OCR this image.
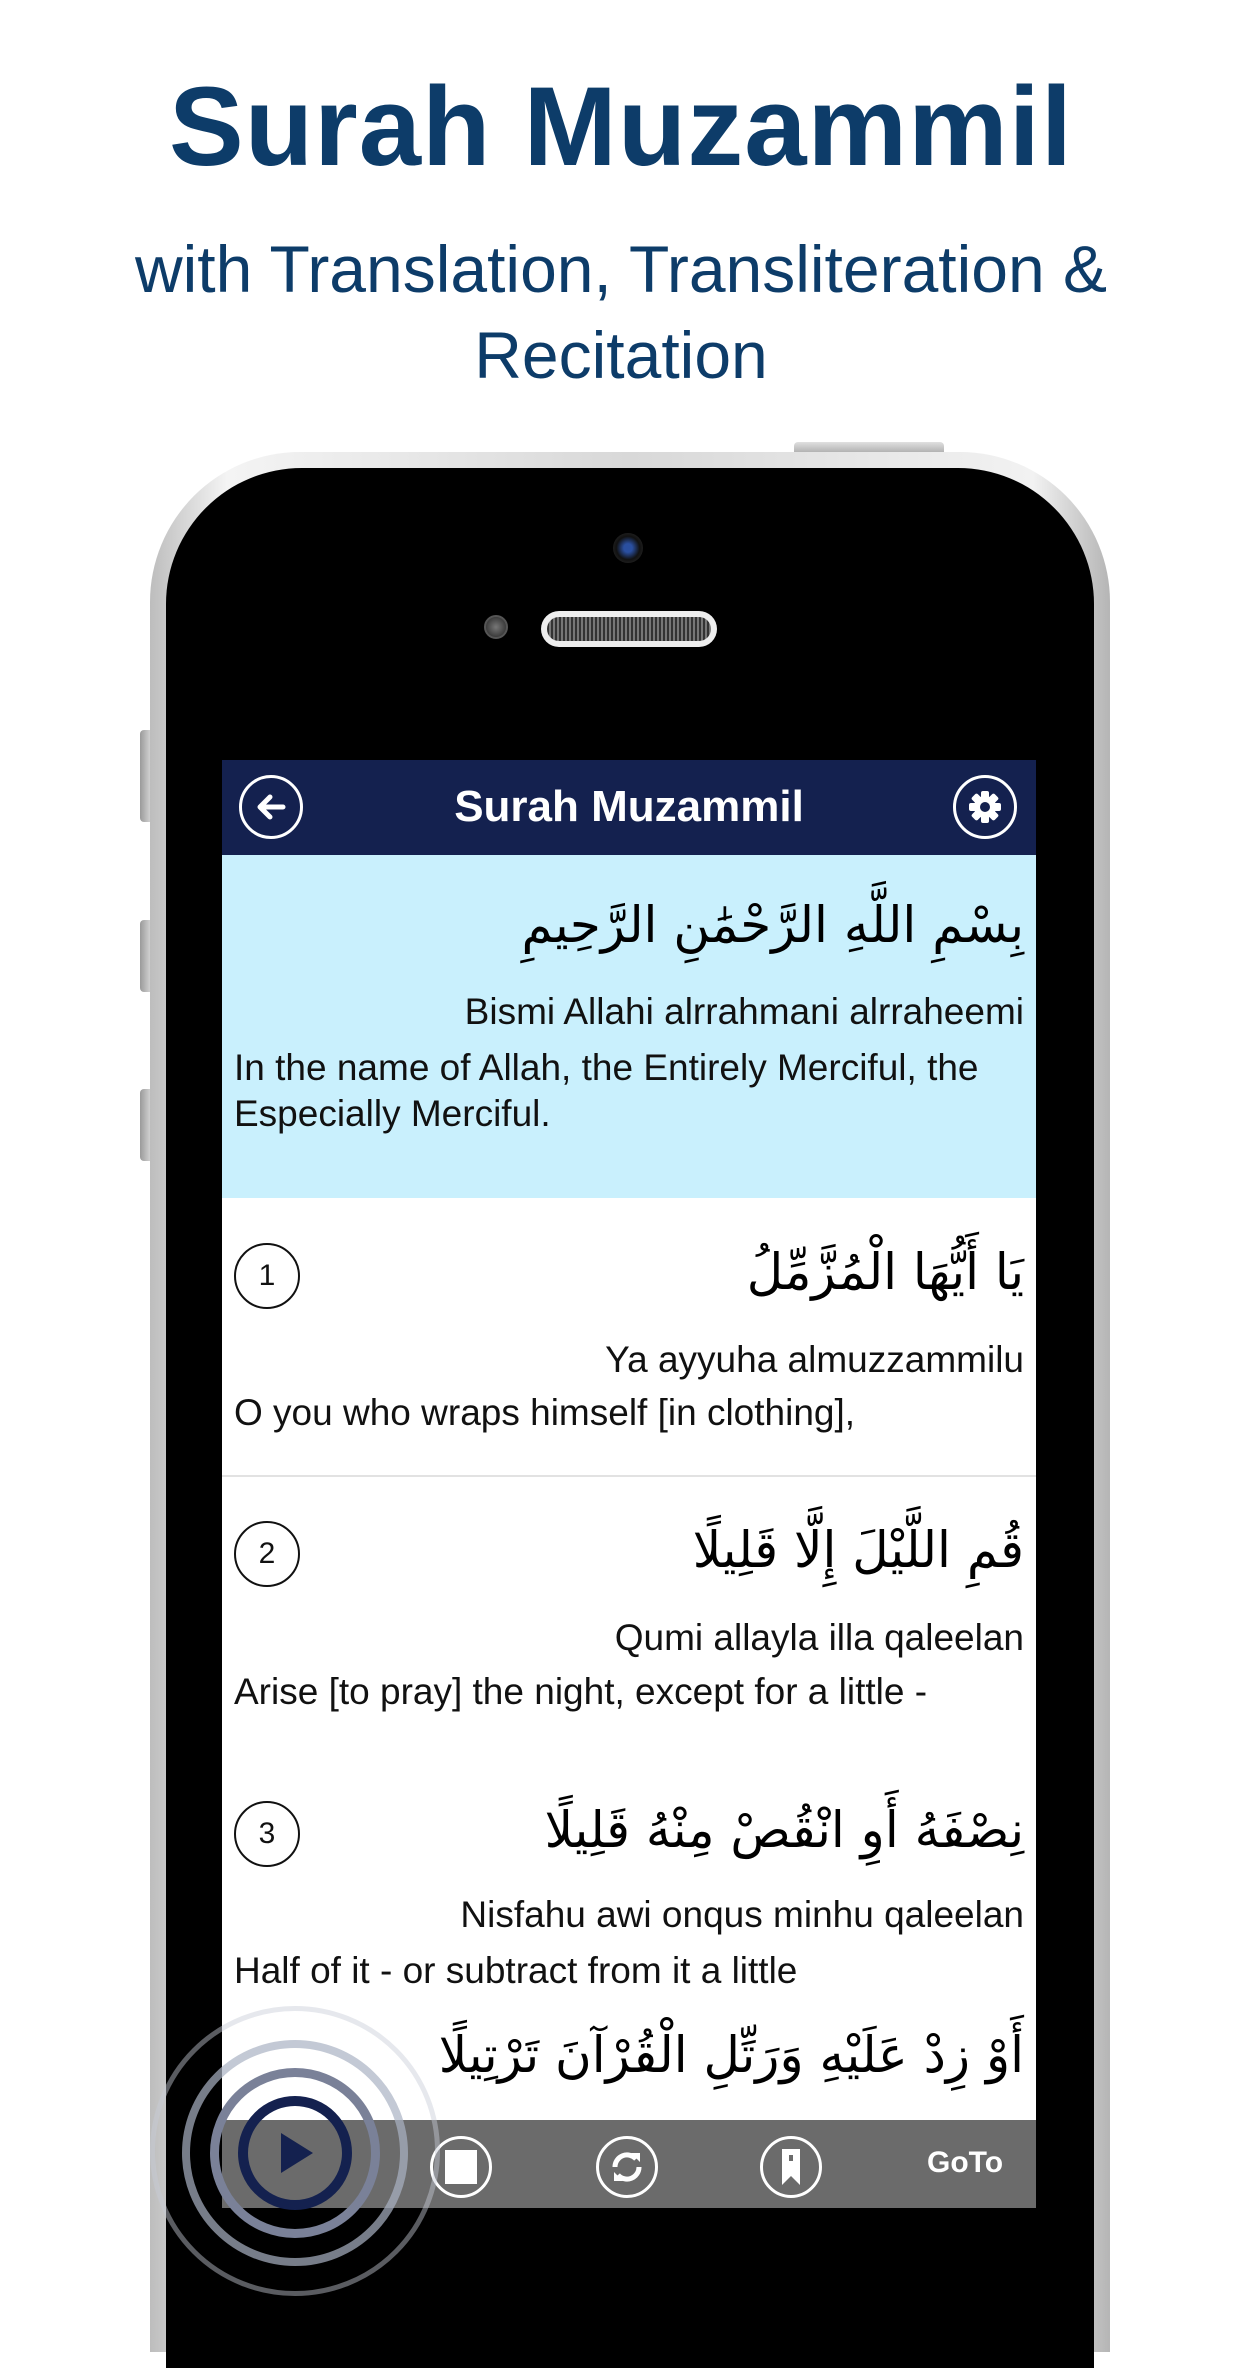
Surah Muzammil
with Translation, Transliteration &
Recitation
Surah Muzammil
بِسْمِ اللَّهِ الرَّحْمَٰنِ الرَّحِيمِ
Bismi Allahi alrrahmani alrraheemi
In the name of Allah, the Entirely Merciful, the Especially Merciful.
1	يَا أَيُّهَا الْمُزَّمِّلُ
Ya ayyuha almuzzammilu
O you who wraps himself [in clothing],
2	قُمِ اللَّيْلَ إِلَّا قَلِيلًا
Qumi allayla illa qaleelan
Arise [to pray] the night, except for a little -
3	نِصْفَهُ أَوِ انْقُصْ مِنْهُ قَلِيلًا
Nisfahu awi onqus minhu qaleelan
Half of it - or subtract from it a little
أَوْ زِدْ عَلَيْهِ وَرَتِّلِ الْقُرْآنَ تَرْتِيلًا
GoTo
